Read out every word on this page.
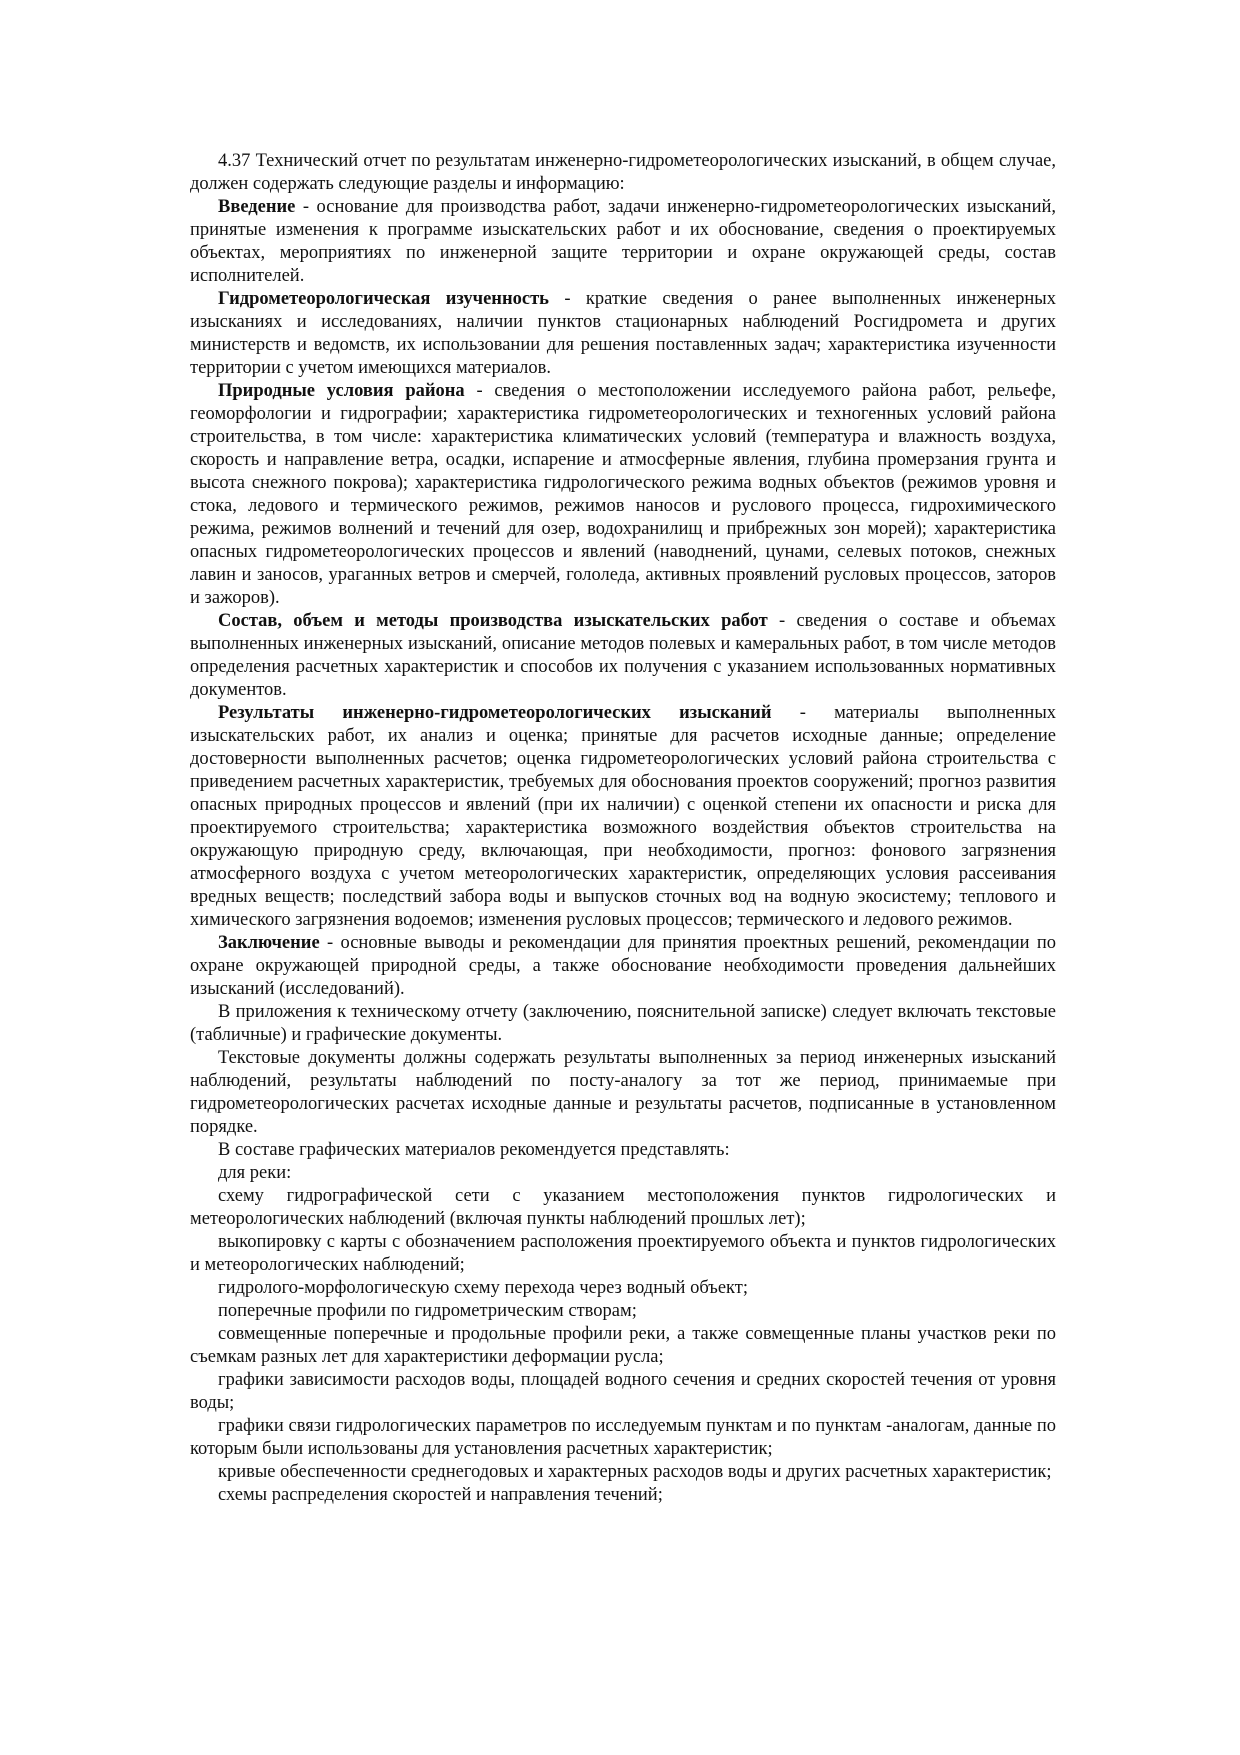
4.37 Технический отчет по результатам инженерно-гидрометеорологических изысканий, в общем случае, должен содержать следующие разделы и информацию:

Введение - основание для производства работ, задачи инженерно-гидрометеорологических изысканий, принятые изменения к программе изыскательских работ и их обоснование, сведения о проектируемых объектах, мероприятиях по инженерной защите территории и охране окружающей среды, состав исполнителей.

Гидрометеорологическая изученность - краткие сведения о ранее выполненных инженерных изысканиях и исследованиях, наличии пунктов стационарных наблюдений Росгидромета и других министерств и ведомств, их использовании для решения поставленных задач; характеристика изученности территории с учетом имеющихся материалов.

Природные условия района - сведения о местоположении исследуемого района работ, рельефе, геоморфологии и гидрографии; характеристика гидрометеорологических и техногенных условий района строительства, в том числе: характеристика климатических условий (температура и влажность воздуха, скорость и направление ветра, осадки, испарение и атмосферные явления, глубина промерзания грунта и высота снежного покрова); характеристика гидрологического режима водных объектов (режимов уровня и стока, ледового и термического режимов, режимов наносов и руслового процесса, гидрохимического режима, режимов волнений и течений для озер, водохранилищ и прибрежных зон морей); характеристика опасных гидрометеорологических процессов и явлений (наводнений, цунами, селевых потоков, снежных лавин и заносов, ураганных ветров и смерчей, гололеда, активных проявлений русловых процессов, заторов и зажоров).

Состав, объем и методы производства изыскательских работ - сведения о составе и объемах выполненных инженерных изысканий, описание методов полевых и камеральных работ, в том числе методов определения расчетных характеристик и способов их получения с указанием использованных нормативных документов.

Результаты инженерно-гидрометеорологических изысканий - материалы выполненных изыскательских работ, их анализ и оценка; принятые для расчетов исходные данные; определение достоверности выполненных расчетов; оценка гидрометеорологических условий района строительства с приведением расчетных характеристик, требуемых для обоснования проектов сооружений; прогноз развития опасных природных процессов и явлений (при их наличии) с оценкой степени их опасности и риска для проектируемого строительства; характеристика возможного воздействия объектов строительства на окружающую природную среду, включающая, при необходимости, прогноз: фонового загрязнения атмосферного воздуха с учетом метеорологических характеристик, определяющих условия рассеивания вредных веществ; последствий забора воды и выпусков сточных вод на водную экосистему; теплового и химического загрязнения водоемов; изменения русловых процессов; термического и ледового режимов.

Заключение - основные выводы и рекомендации для принятия проектных решений, рекомендации по охране окружающей природной среды, а также обоснование необходимости проведения дальнейших изысканий (исследований).

В приложения к техническому отчету (заключению, пояснительной записке) следует включать текстовые (табличные) и графические документы.

Текстовые документы должны содержать результаты выполненных за период инженерных изысканий наблюдений, результаты наблюдений по посту-аналогу за тот же период, принимаемые при гидрометеорологических расчетах исходные данные и результаты расчетов, подписанные в установленном порядке.

В составе графических материалов рекомендуется представлять:

для реки:

схему гидрографической сети с указанием местоположения пунктов гидрологических и метеорологических наблюдений (включая пункты наблюдений прошлых лет);

выкопировку с карты с обозначением расположения проектируемого объекта и пунктов гидрологических и метеорологических наблюдений;

гидролого-морфологическую схему перехода через водный объект;

поперечные профили по гидрометрическим створам;

совмещенные поперечные и продольные профили реки, а также совмещенные планы участков реки по съемкам разных лет для характеристики деформации русла;

графики зависимости расходов воды, площадей водного сечения и средних скоростей течения от уровня воды;

графики связи гидрологических параметров по исследуемым пунктам и по пунктам -аналогам, данные по которым были использованы для установления расчетных характеристик;

кривые обеспеченности среднегодовых и характерных расходов воды и других расчетных характеристик;

схемы распределения скоростей и направления течений;
